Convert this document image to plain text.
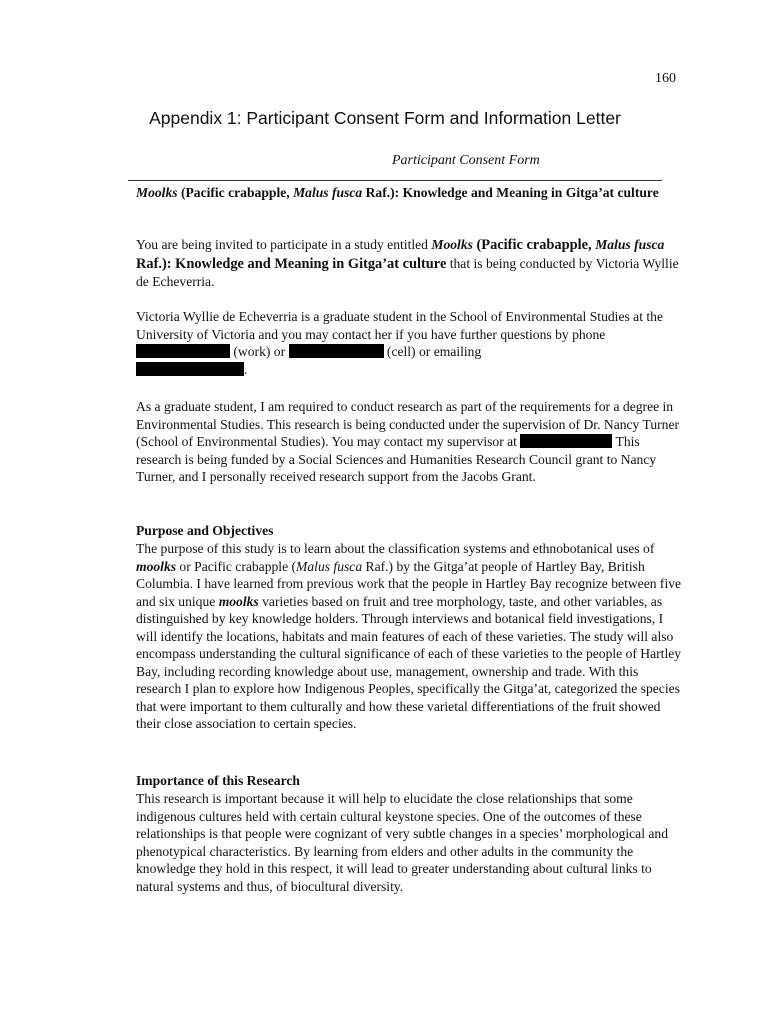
160
Appendix 1: Participant Consent Form and Information Letter
Participant Consent Form
Moolks (Pacific crabapple, Malus fusca Raf.): Knowledge and Meaning in Gitga’at culture

You are being invited to participate in a study entitled Moolks (Pacific crabapple, Malus fusca Raf.): Knowledge and Meaning in Gitga’at culture that is being conducted by Victoria Wyllie de Echeverria.

Victoria Wyllie de Echeverria is a graduate student in the School of Environmental Studies at the University of Victoria and you may contact her if you have further questions by phone  (work) or	(cell) or emailing
.

As a graduate student, I am required to conduct research as part of the requirements for a degree in Environmental Studies. This research is being conducted under the supervision of Dr. Nancy Turner (School of Environmental Studies). You may contact my supervisor at	This research is being funded by a Social Sciences and Humanities Research Council grant to Nancy Turner, and I personally received research support from the Jacobs Grant.

Purpose and Objectives

The purpose of this study is to learn about the classification systems and ethnobotanical uses of moolks or Pacific crabapple (Malus fusca Raf.) by the Gitga’at people of Hartley Bay, British Columbia. I have learned from previous work that the people in Hartley Bay recognize between five and six unique moolks varieties based on fruit and tree morphology, taste, and other variables, as distinguished by key knowledge holders. Through interviews and botanical field investigations, I will identify the locations, habitats and main features of each of these varieties. The study will also encompass understanding the cultural significance of each of these varieties to the people of Hartley Bay, including recording knowledge about use, management, ownership and trade. With this research I plan to explore how Indigenous Peoples, specifically the Gitga’at, categorized the species that were important to them culturally and how these varietal differentiations of the fruit showed their close association to certain species.

Importance of this Research

This research is important because it will help to elucidate the close relationships that some indigenous cultures held with certain cultural keystone species. One of the outcomes of these relationships is that people were cognizant of very subtle changes in a species’ morphological and phenotypical characteristics. By learning from elders and other adults in the community the knowledge they hold in this respect, it will lead to greater understanding about cultural links to natural systems and thus, of biocultural diversity.
